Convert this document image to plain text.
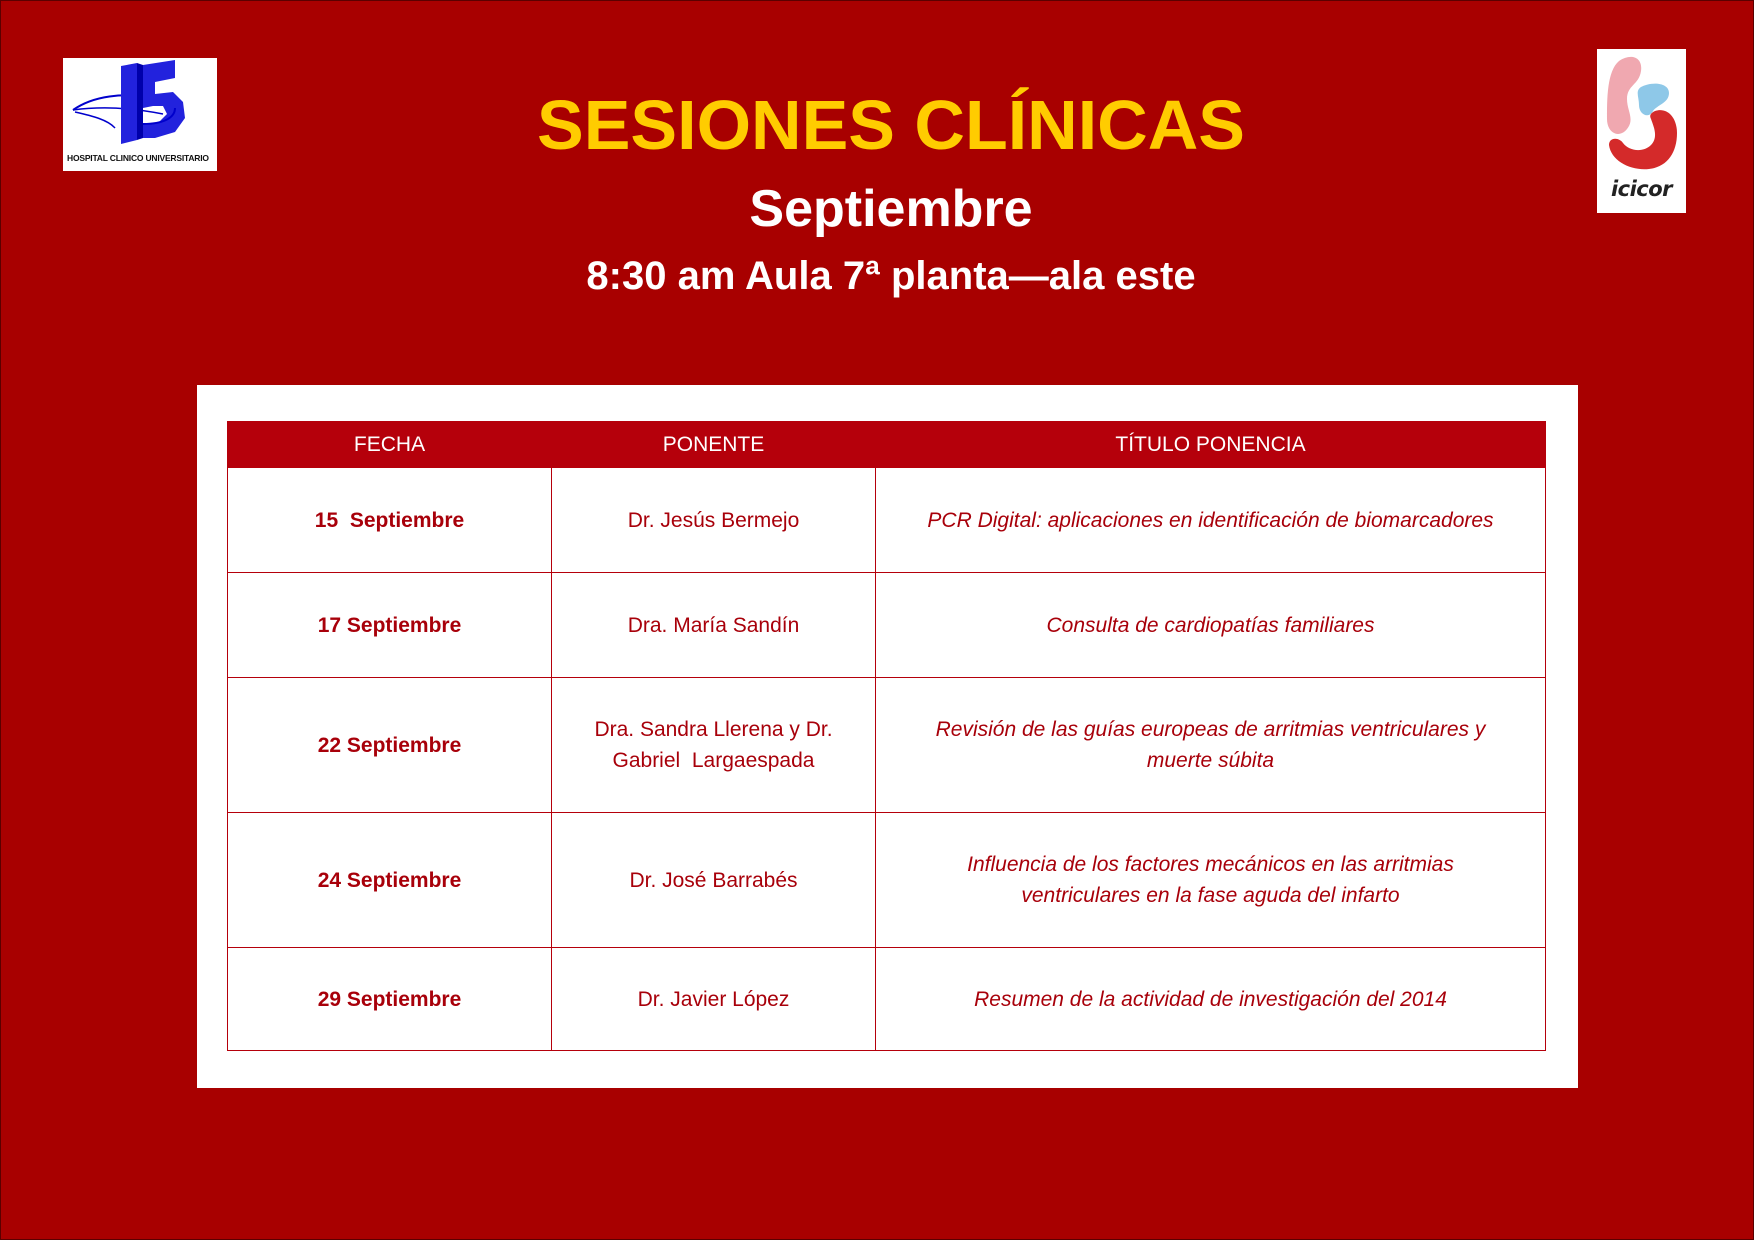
HOSPITAL CLINICO UNIVERSITARIO
icicor
SESIONES CLÍNICAS
Septiembre
8:30 am Aula 7ª planta—ala este
FECHA	PONENTE	TÍTULO PONENCIA
15  Septiembre	Dr. Jesús Bermejo	PCR Digital: aplicaciones en identificación de biomarcadores
17 Septiembre	Dra. María Sandín	Consulta de cardiopatías familiares
22 Septiembre	Dra. Sandra Llerena y Dr. Gabriel  Largaespada	Revisión de las guías europeas de arritmias ventriculares y muerte súbita
24 Septiembre	Dr. José Barrabés	Influencia de los factores mecánicos en las arritmias ventriculares en la fase aguda del infarto
29 Septiembre	Dr. Javier López	Resumen de la actividad de investigación del 2014
